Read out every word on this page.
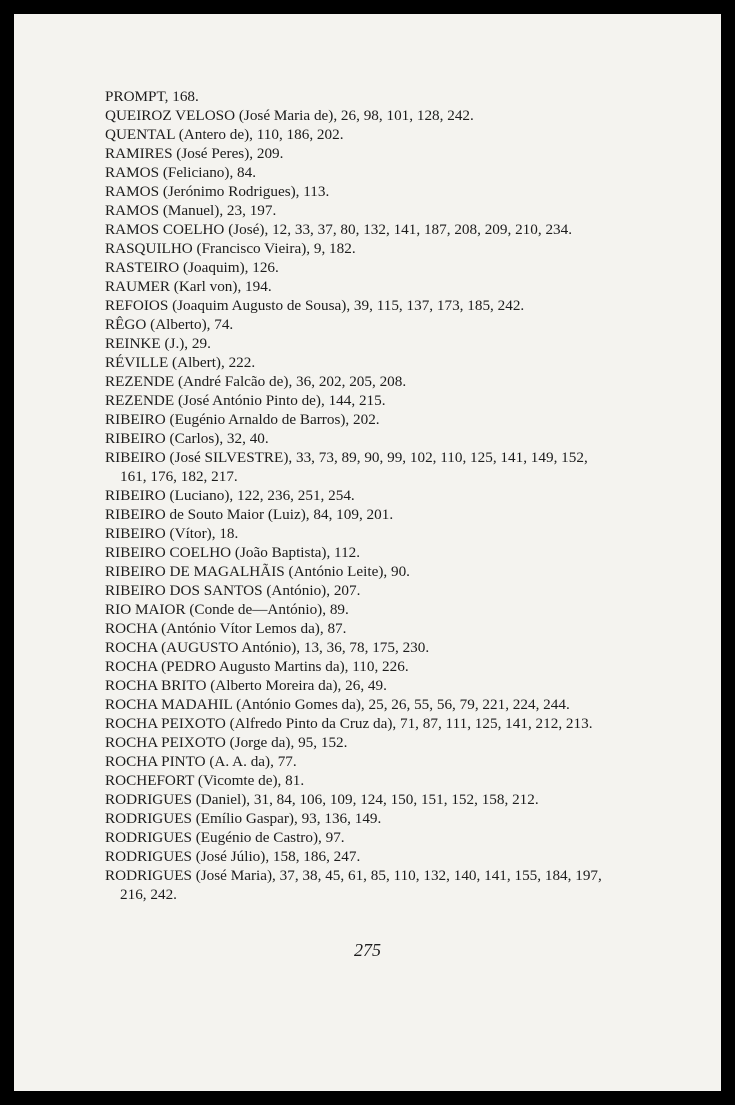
PROMPT, 168.

QUEIROZ VELOSO (José Maria de), 26, 98, 101, 128, 242.

QUENTAL (Antero de), 110, 186, 202.

RAMIRES (José Peres), 209.

RAMOS (Feliciano), 84.

RAMOS (Jerónimo Rodrigues), 113.

RAMOS (Manuel), 23, 197.

RAMOS COELHO (José), 12, 33, 37, 80, 132, 141, 187, 208, 209, 210, 234.

RASQUILHO (Francisco Vieira), 9, 182.

RASTEIRO (Joaquim), 126.

RAUMER (Karl von), 194.

REFOIOS (Joaquim Augusto de Sousa), 39, 115, 137, 173, 185, 242.

RÊGO (Alberto), 74.

REINKE (J.), 29.

RÉVILLE (Albert), 222.

REZENDE (André Falcão de), 36, 202, 205, 208.

REZENDE (José António Pinto de), 144, 215.

RIBEIRO (Eugénio Arnaldo de Barros), 202.

RIBEIRO (Carlos), 32, 40.

RIBEIRO (José SILVESTRE), 33, 73, 89, 90, 99, 102, 110, 125, 141, 149, 152, 161, 176, 182, 217.

RIBEIRO (Luciano), 122, 236, 251, 254.

RIBEIRO de Souto Maior (Luiz), 84, 109, 201.

RIBEIRO (Vítor), 18.

RIBEIRO COELHO (João Baptista), 112.

RIBEIRO DE MAGALHÃIS (António Leite), 90.

RIBEIRO DOS SANTOS (António), 207.

RIO MAIOR (Conde de—António), 89.

ROCHA (António Vítor Lemos da), 87.

ROCHA (AUGUSTO António), 13, 36, 78, 175, 230.

ROCHA (PEDRO Augusto Martins da), 110, 226.

ROCHA BRITO (Alberto Moreira da), 26, 49.

ROCHA MADAHIL (António Gomes da), 25, 26, 55, 56, 79, 221, 224, 244.

ROCHA PEIXOTO (Alfredo Pinto da Cruz da), 71, 87, 111, 125, 141, 212, 213.

ROCHA PEIXOTO (Jorge da), 95, 152.

ROCHA PINTO (A. A. da), 77.

ROCHEFORT (Vicomte de), 81.

RODRIGUES (Daniel), 31, 84, 106, 109, 124, 150, 151, 152, 158, 212.

RODRIGUES (Emílio Gaspar), 93, 136, 149.

RODRIGUES (Eugénio de Castro), 97.

RODRIGUES (José Júlio), 158, 186, 247.

RODRIGUES (José Maria), 37, 38, 45, 61, 85, 110, 132, 140, 141, 155, 184, 197, 216, 242.

275
